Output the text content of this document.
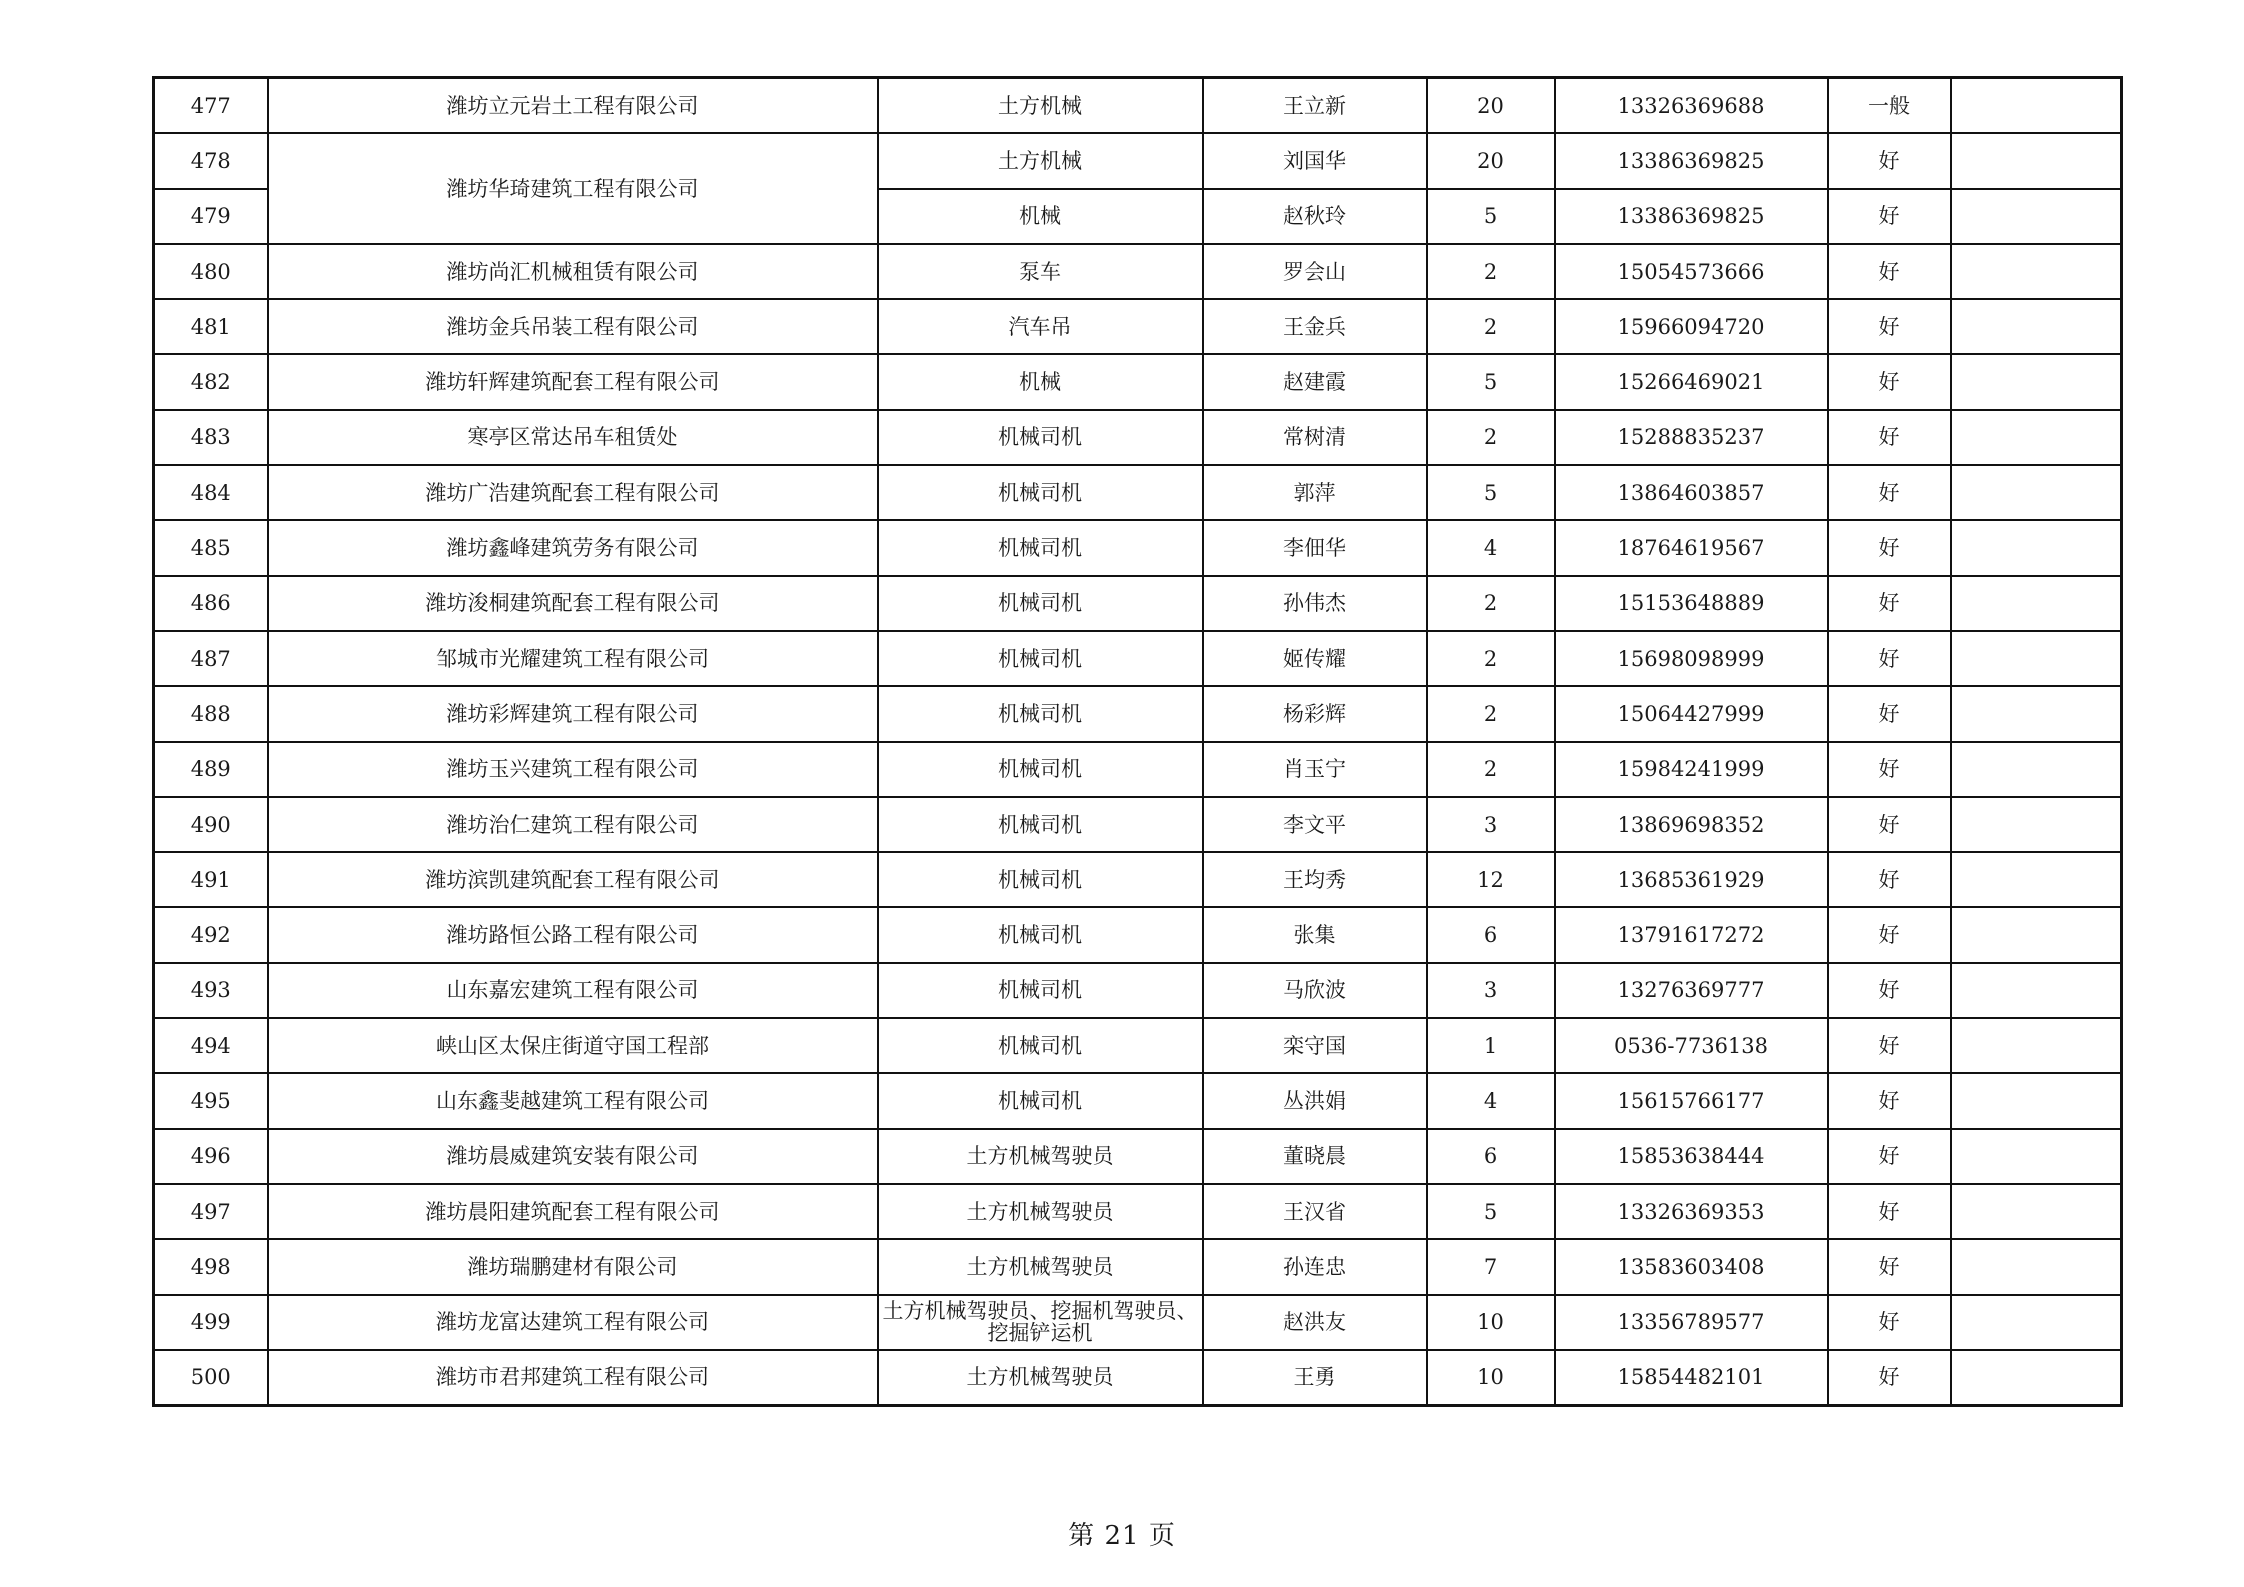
477	潍坊立元岩土工程有限公司	土方机械	王立新	20	13326369688	一般	
478	潍坊华琦建筑工程有限公司	土方机械	刘国华	20	13386369825	好	
479		机械	赵秋玲	5	13386369825	好	
480	潍坊尚汇机械租赁有限公司	泵车	罗会山	2	15054573666	好	
481	潍坊金兵吊装工程有限公司	汽车吊	王金兵	2	15966094720	好	
482	潍坊轩辉建筑配套工程有限公司	机械	赵建霞	5	15266469021	好	
483	寒亭区常达吊车租赁处	机械司机	常树清	2	15288835237	好	
484	潍坊广浩建筑配套工程有限公司	机械司机	郭萍	5	13864603857	好	
485	潍坊鑫峰建筑劳务有限公司	机械司机	李佃华	4	18764619567	好	
486	潍坊浚桐建筑配套工程有限公司	机械司机	孙伟杰	2	15153648889	好	
487	邹城市光耀建筑工程有限公司	机械司机	姬传耀	2	15698098999	好	
488	潍坊彩辉建筑工程有限公司	机械司机	杨彩辉	2	15064427999	好	
489	潍坊玉兴建筑工程有限公司	机械司机	肖玉宁	2	15984241999	好	
490	潍坊治仁建筑工程有限公司	机械司机	李文平	3	13869698352	好	
491	潍坊滨凯建筑配套工程有限公司	机械司机	王均秀	12	13685361929	好	
492	潍坊路恒公路工程有限公司	机械司机	张集	6	13791617272	好	
493	山东嘉宏建筑工程有限公司	机械司机	马欣波	3	13276369777	好	
494	峡山区太保庄街道守国工程部	机械司机	栾守国	1	0536-7736138	好	
495	山东鑫斐越建筑工程有限公司	机械司机	丛洪娟	4	15615766177	好	
496	潍坊晨威建筑安装有限公司	土方机械驾驶员	董晓晨	6	15853638444	好	
497	潍坊晨阳建筑配套工程有限公司	土方机械驾驶员	王汉省	5	13326369353	好	
498	潍坊瑞鹏建材有限公司	土方机械驾驶员	孙连忠	7	13583603408	好	
499	潍坊龙富达建筑工程有限公司	土方机械驾驶员、挖掘机驾驶员、挖掘铲运机	赵洪友	10	13356789577	好	
500	潍坊市君邦建筑工程有限公司	土方机械驾驶员	王勇	10	15854482101	好	
第 21 页
